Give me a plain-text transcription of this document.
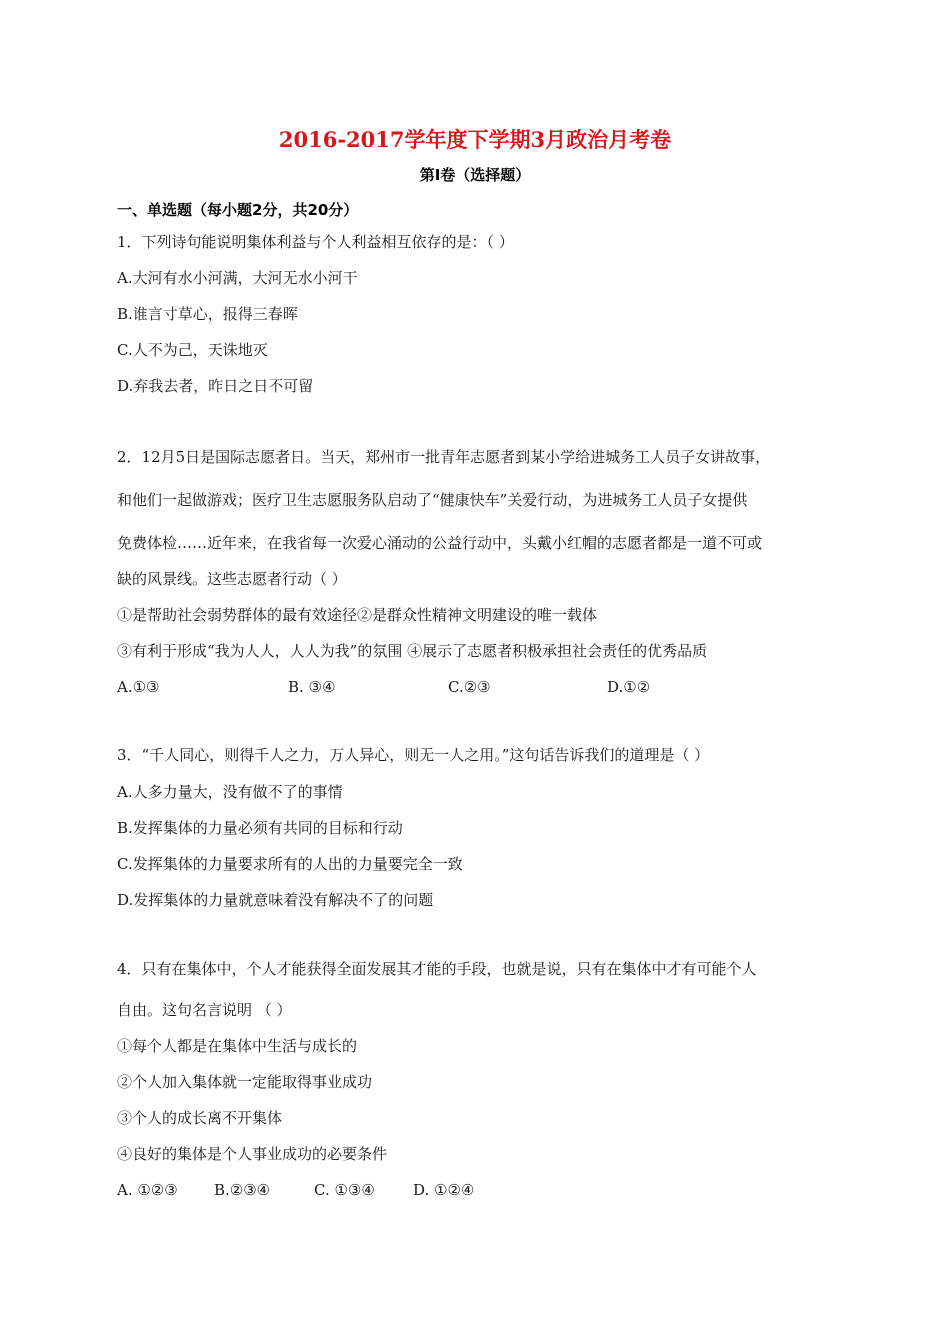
2016-2017学年度下学期3月政治月考卷
第Ⅰ卷（选择题）
一、单选题（每小题2分，共20分）
1．下列诗句能说明集体利益与个人利益相互依存的是：（ ）
A.大河有水小河满，大河无水小河干
B.谁言寸草心，报得三春晖
C.人不为己，天诛地灭
D.弃我去者，昨日之日不可留
2．12月5日是国际志愿者日。当天，郑州市一批青年志愿者到某小学给进城务工人员子女讲故事，
和他们一起做游戏；医疗卫生志愿服务队启动了“健康快车”关爱行动，为进城务工人员子女提供
免费体检……近年来，在我省每一次爱心涌动的公益行动中，头戴小红帽的志愿者都是一道不可或
缺的风景线。这些志愿者行动（ ）
①是帮助社会弱势群体的最有效途径②是群众性精神文明建设的唯一载体
③有利于形成“我为人人，人人为我”的氛围 ④展示了志愿者积极承担社会责任的优秀品质
A.①③	B. ③④	C.②③	D.①②
3．“千人同心，则得千人之力，万人异心，则无一人之用。”这句话告诉我们的道理是（ ）
A.人多力量大，没有做不了的事情
B.发挥集体的力量必须有共同的目标和行动
C.发挥集体的力量要求所有的人出的力量要完全一致
D.发挥集体的力量就意味着没有解决不了的问题
4．只有在集体中，个人才能获得全面发展其才能的手段，也就是说，只有在集体中才有可能个人
自由。这句名言说明 （ ）
①每个人都是在集体中生活与成长的
②个人加入集体就一定能取得事业成功
③个人的成长离不开集体
④良好的集体是个人事业成功的必要条件
A. ①②③ B.②③④	C. ①③④	D. ①②④
